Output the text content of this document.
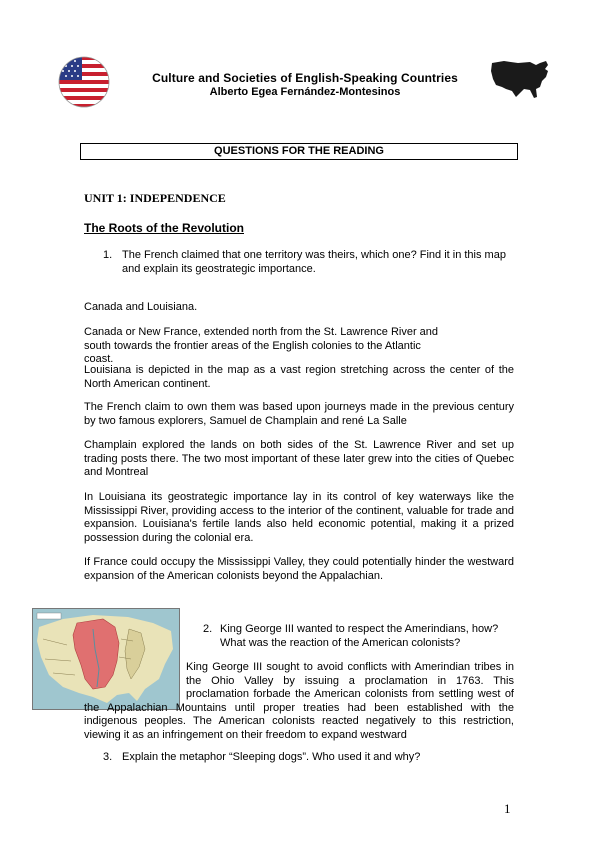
Culture and Societies of English-Speaking Countries
Alberto Egea Fernández-Montesinos
QUESTIONS FOR THE READING
UNIT 1: INDEPENDENCE
The Roots of the Revolution
1. The French claimed that one territory was theirs, which one? Find it in this map and explain its geostrategic importance.
Canada and Louisiana.
Canada or New France, extended north from the St. Lawrence River and south towards the frontier areas of the English colonies to the Atlantic coast.
Louisiana is depicted in the map as a vast region stretching across the center of the North American continent.
The French claim to own them was based upon journeys made in the previous century by two famous explorers, Samuel de Champlain and rené La Salle
Champlain explored the lands on both sides of the St. Lawrence River and set up trading posts there. The two most important of these later grew into the cities of Quebec and Montreal
In Louisiana its geostrategic importance lay in its control of key waterways like the Mississippi River, providing access to the interior of the continent, valuable for trade and expansion. Louisiana's fertile lands also held economic potential, making it a prized possession during the colonial era.
If France could occupy the Mississippi Valley, they could potentially hinder the westward expansion of the American colonists beyond the Appalachian.
2. King George III wanted to respect the Amerindians, how? What was the reaction of the American colonists?
King George III sought to avoid conflicts with Amerindian tribes in the Ohio Valley by issuing a proclamation in 1763. This proclamation forbade the American colonists from settling west of the Appalachian Mountains until proper treaties had been established with the indigenous peoples. The American colonists reacted negatively to this restriction, viewing it as an infringement on their freedom to expand westward
3. Explain the metaphor “Sleeping dogs”. Who used it and why?
1
